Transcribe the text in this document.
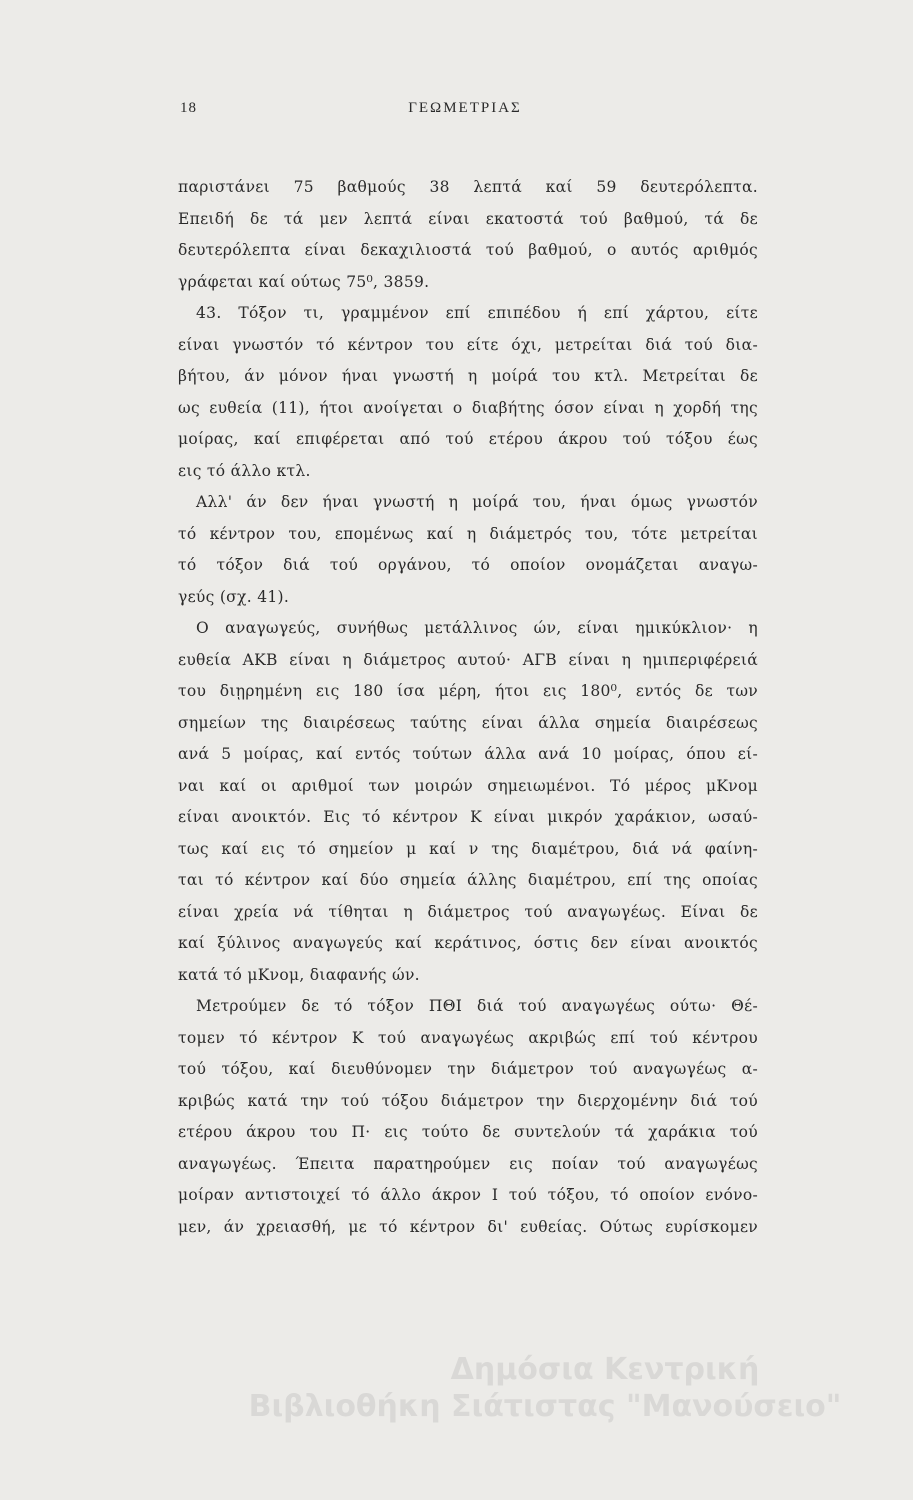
18	ΓΕΩΜΕΤΡΙΑΣ
παριστάνει 75 βαθμούς 38 λεπτά καί 59 δευτερόλεπτα.
Επειδή δε τά μεν λεπτά είναι εκατοστά τού βαθμού, τά δε
δευτερόλεπτα είναι δεκαχιλιοστά τού βαθμού, ο αυτός αριθμός
γράφεται καί ούτως 75⁰, 3859.
43. Τόξον τι, γραμμένον επί επιπέδου ή επί χάρτου, είτε
είναι γνωστόν τό κέντρον του είτε όχι, μετρείται διά τού δια-
βήτου, άν μόνον ήναι γνωστή η μοίρά του κτλ. Μετρείται δε
ως ευθεία (11), ήτοι ανοίγεται ο διαβήτης όσον είναι η χορδή της
μοίρας, καί επιφέρεται από τού ετέρου άκρου τού τόξου έως
εις τό άλλο κτλ.
Αλλ' άν δεν ήναι γνωστή η μοίρά του, ήναι όμως γνωστόν
τό κέντρον του, επομένως καί η διάμετρός του, τότε μετρείται
τό τόξον διά τού οργάνου, τό οποίον ονομάζεται αναγω-
γεύς (σχ. 41).
Ο αναγωγεύς, συνήθως μετάλλινος ών, είναι ημικύκλιον· η
ευθεία ΑΚΒ είναι η διάμετρος αυτού· ΑΓΒ είναι η ημιπεριφέρειά
του διῃρημένη εις 180 ίσα μέρη, ήτοι εις 180⁰, εντός δε των
σημείων της διαιρέσεως ταύτης είναι άλλα σημεία διαιρέσεως
ανά 5 μοίρας, καί εντός τούτων άλλα ανά 10 μοίρας, όπου εί-
ναι καί οι αριθμοί των μοιρών σημειωμένοι. Τό μέρος μΚνομ
είναι ανοικτόν. Εις τό κέντρον Κ είναι μικρόν χαράκιον, ωσαύ-
τως καί εις τό σημείον μ καί ν της διαμέτρου, διά νά φαίνη-
ται τό κέντρον καί δύο σημεία άλλης διαμέτρου, επί της οποίας
είναι χρεία νά τίθηται η διάμετρος τού αναγωγέως. Είναι δε
καί ξύλινος αναγωγεύς καί κεράτινος, όστις δεν είναι ανοικτός
κατά τό μΚνομ, διαφανής ών.
Μετρούμεν δε τό τόξον ΠΘΙ διά τού αναγωγέως ούτω· Θέ-
τομεν τό κέντρον Κ τού αναγωγέως ακριβώς επί τού κέντρου
τού τόξου, καί διευθύνομεν την διάμετρον τού αναγωγέως α-
κριβώς κατά την τού τόξου διάμετρον την διερχομένην διά τού
ετέρου άκρου του Π· εις τούτο δε συντελούν τά χαράκια τού
αναγωγέως. Έπειτα παρατηρούμεν εις ποίαν τού αναγωγέως
μοίραν αντιστοιχεί τό άλλο άκρον Ι τού τόξου, τό οποίον ενόνο-
μεν, άν χρειασθή, με τό κέντρον δι' ευθείας. Ούτως ευρίσκομεν
Δημόσια Κεντρική
Βιβλιοθήκη Σιάτιστας "Μανούσειο"
